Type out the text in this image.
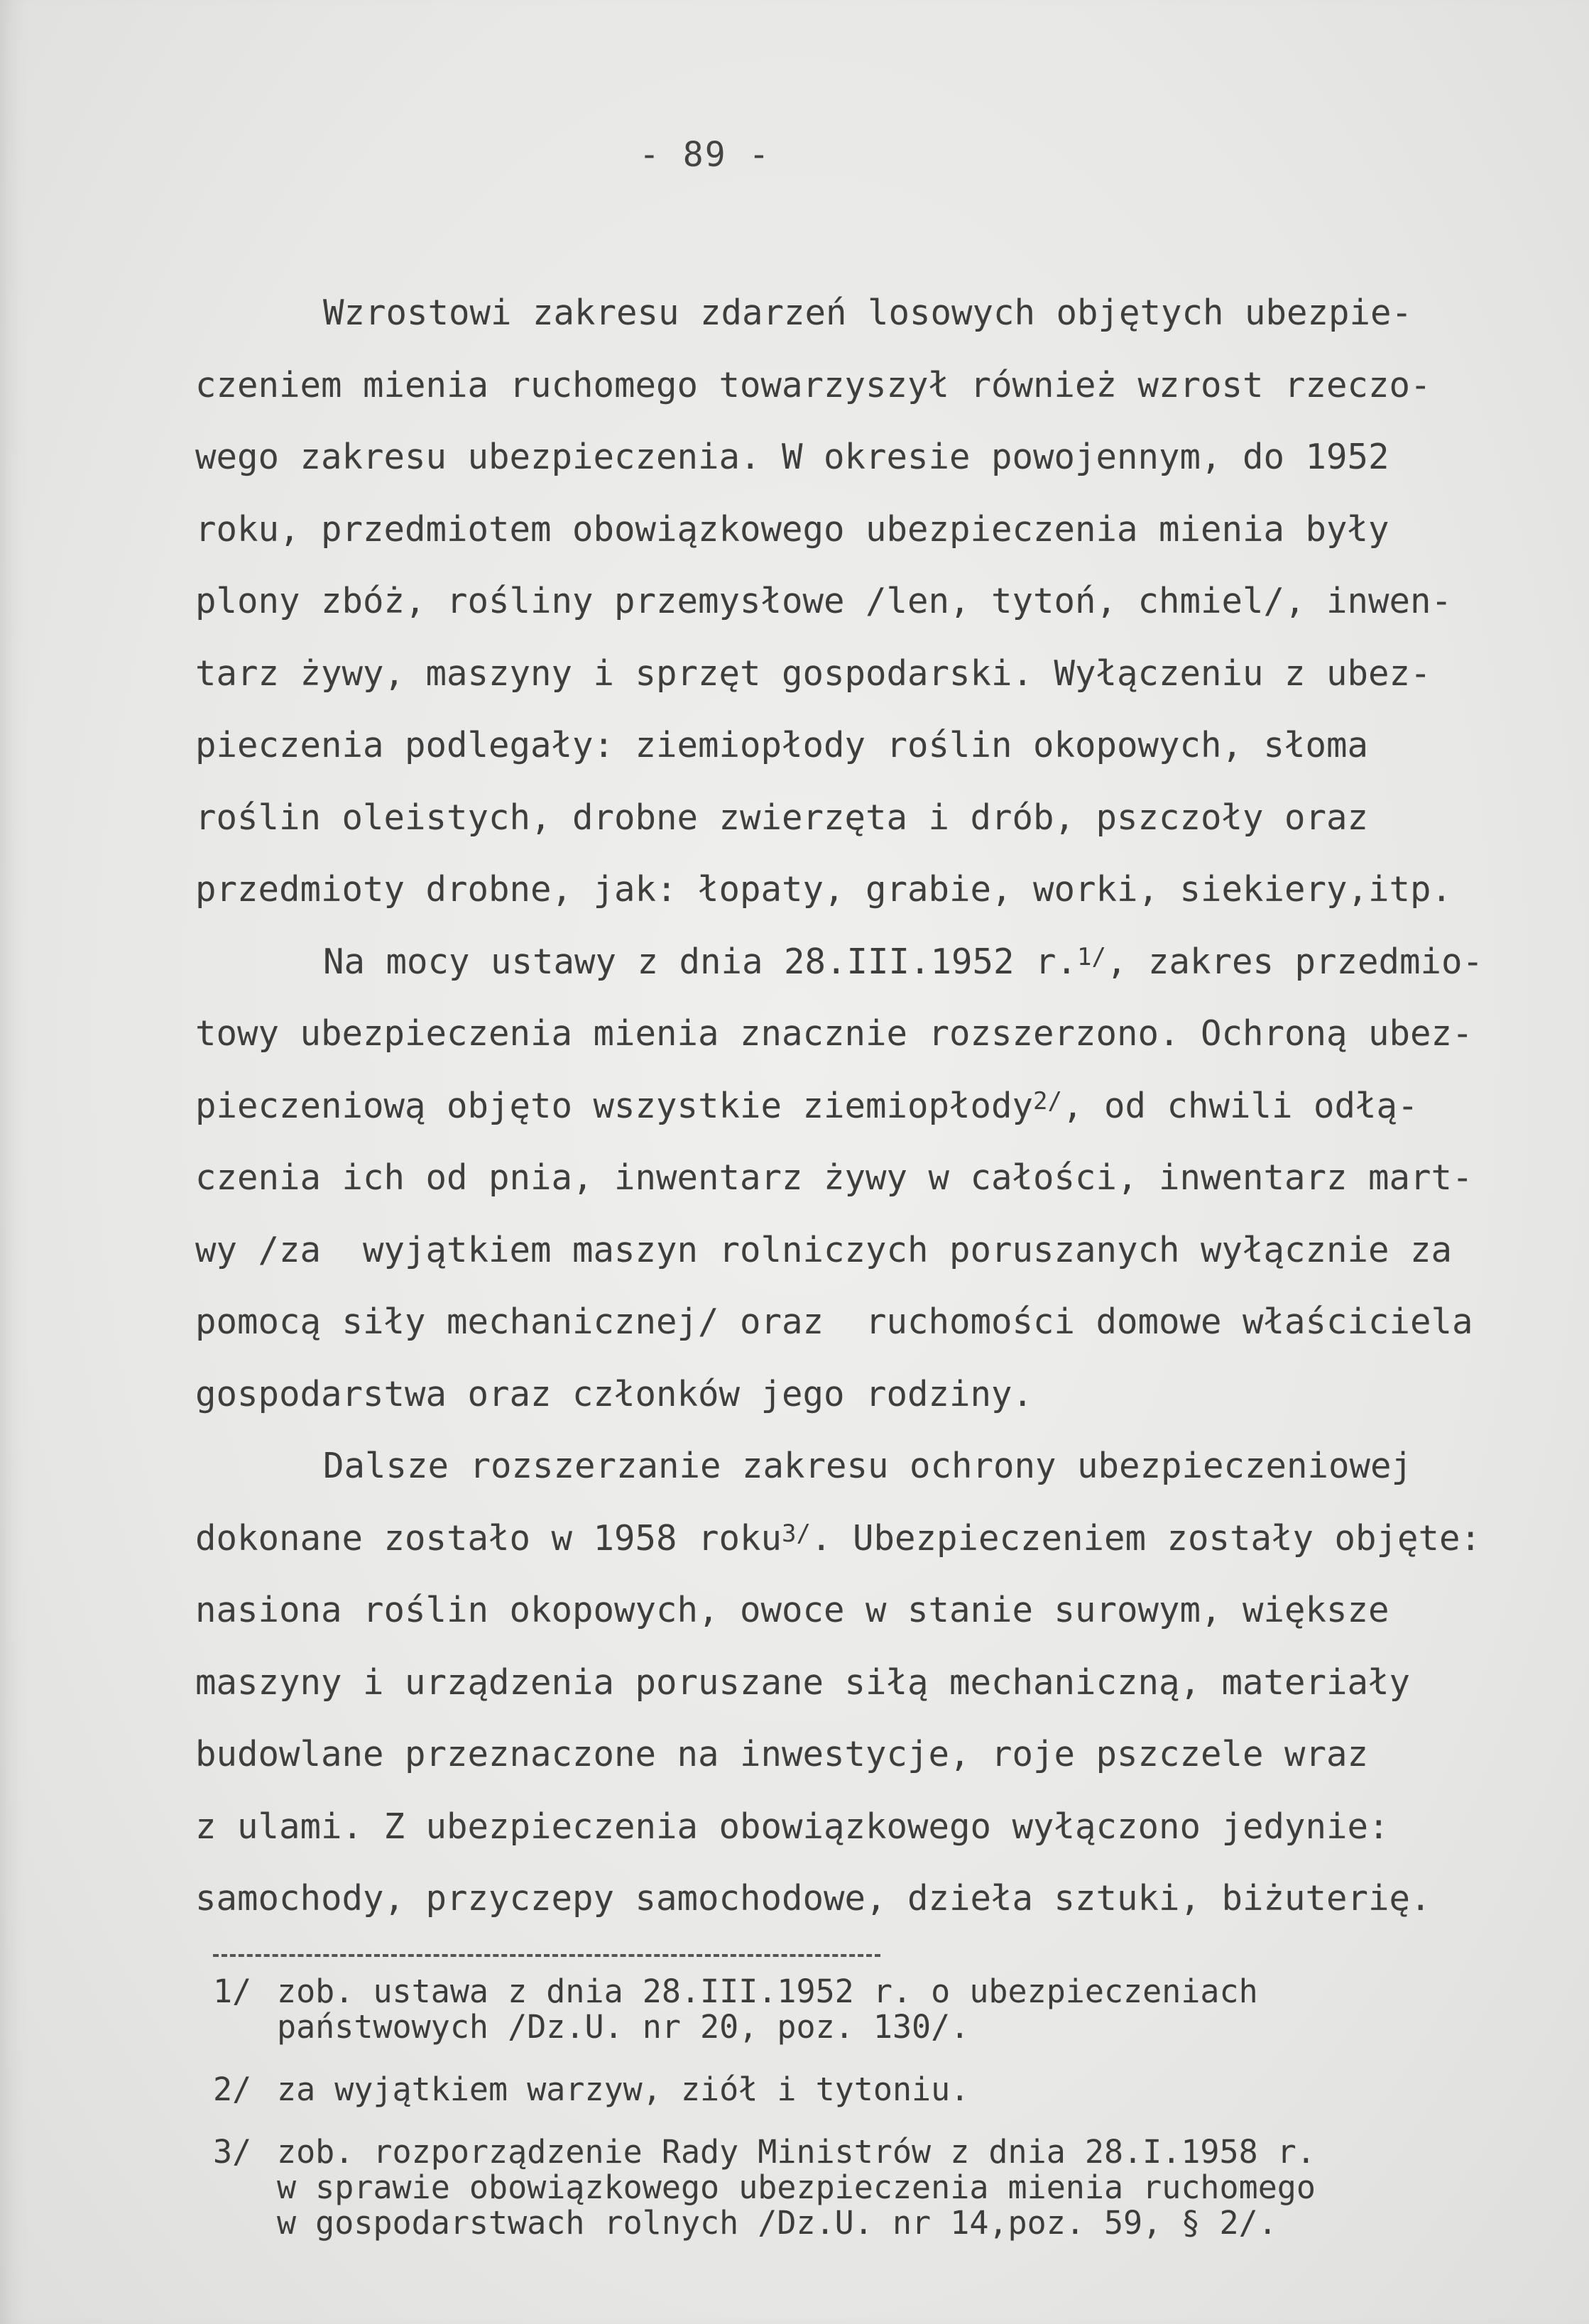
- 89 -
Wzrostowi zakresu zdarzeń losowych objętych ubezpie-
czeniem mienia ruchomego towarzyszył również wzrost rzeczo-
wego zakresu ubezpieczenia. W okresie powojennym, do 1952
roku, przedmiotem obowiązkowego ubezpieczenia mienia były
plony zbóż, rośliny przemysłowe /len, tytoń, chmiel/, inwen-
tarz żywy, maszyny i sprzęt gospodarski. Wyłączeniu z ubez-
pieczenia podlegały: ziemiopłody roślin okopowych, słoma
roślin oleistych, drobne zwierzęta i drób, pszczoły oraz
przedmioty drobne, jak: łopaty, grabie, worki, siekiery,itp.
Na mocy ustawy z dnia 28.III.1952 r.$^{1/}$, zakres przedmio-
towy ubezpieczenia mienia znacznie rozszerzono. Ochroną ubez-
pieczeniową objęto wszystkie ziemiopłody$^{2/}$, od chwili odłą-
czenia ich od pnia, inwentarz żywy w całości, inwentarz mart-
wy /za  wyjątkiem maszyn rolniczych poruszanych wyłącznie za
pomocą siły mechanicznej/ oraz  ruchomości domowe właściciela
gospodarstwa oraz członków jego rodziny.
Dalsze rozszerzanie zakresu ochrony ubezpieczeniowej
dokonane zostało w 1958 roku$^{3/}$. Ubezpieczeniem zostały objęte:
nasiona roślin okopowych, owoce w stanie surowym, większe
maszyny i urządzenia poruszane siłą mechaniczną, materiały
budowlane przeznaczone na inwestycje, roje pszczele wraz
z ulami. Z ubezpieczenia obowiązkowego wyłączono jedynie:
samochody, przyczepy samochodowe, dzieła sztuki, biżuterię.
1/ zob. ustawa z dnia 28.III.1952 r. o ubezpieczeniach
państwowych /Dz.U. nr 20, poz. 130/.
2/ za wyjątkiem warzyw, ziół i tytoniu.
3/ zob. rozporządzenie Rady Ministrów z dnia 28.I.1958 r.
w sprawie obowiązkowego ubezpieczenia mienia ruchomego
w gospodarstwach rolnych /Dz.U. nr 14,poz. 59, § 2/.
